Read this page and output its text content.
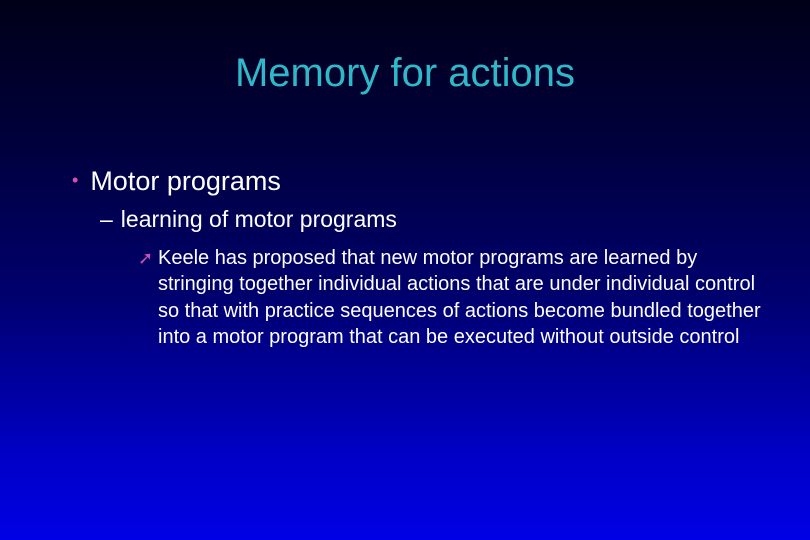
Memory for actions
• Motor programs
– learning of motor programs
➚ Keele has proposed that new motor programs are learned by stringing together individual actions that are under individual control so that with practice sequences of actions become bundled together into a motor program that can be executed without outside control
